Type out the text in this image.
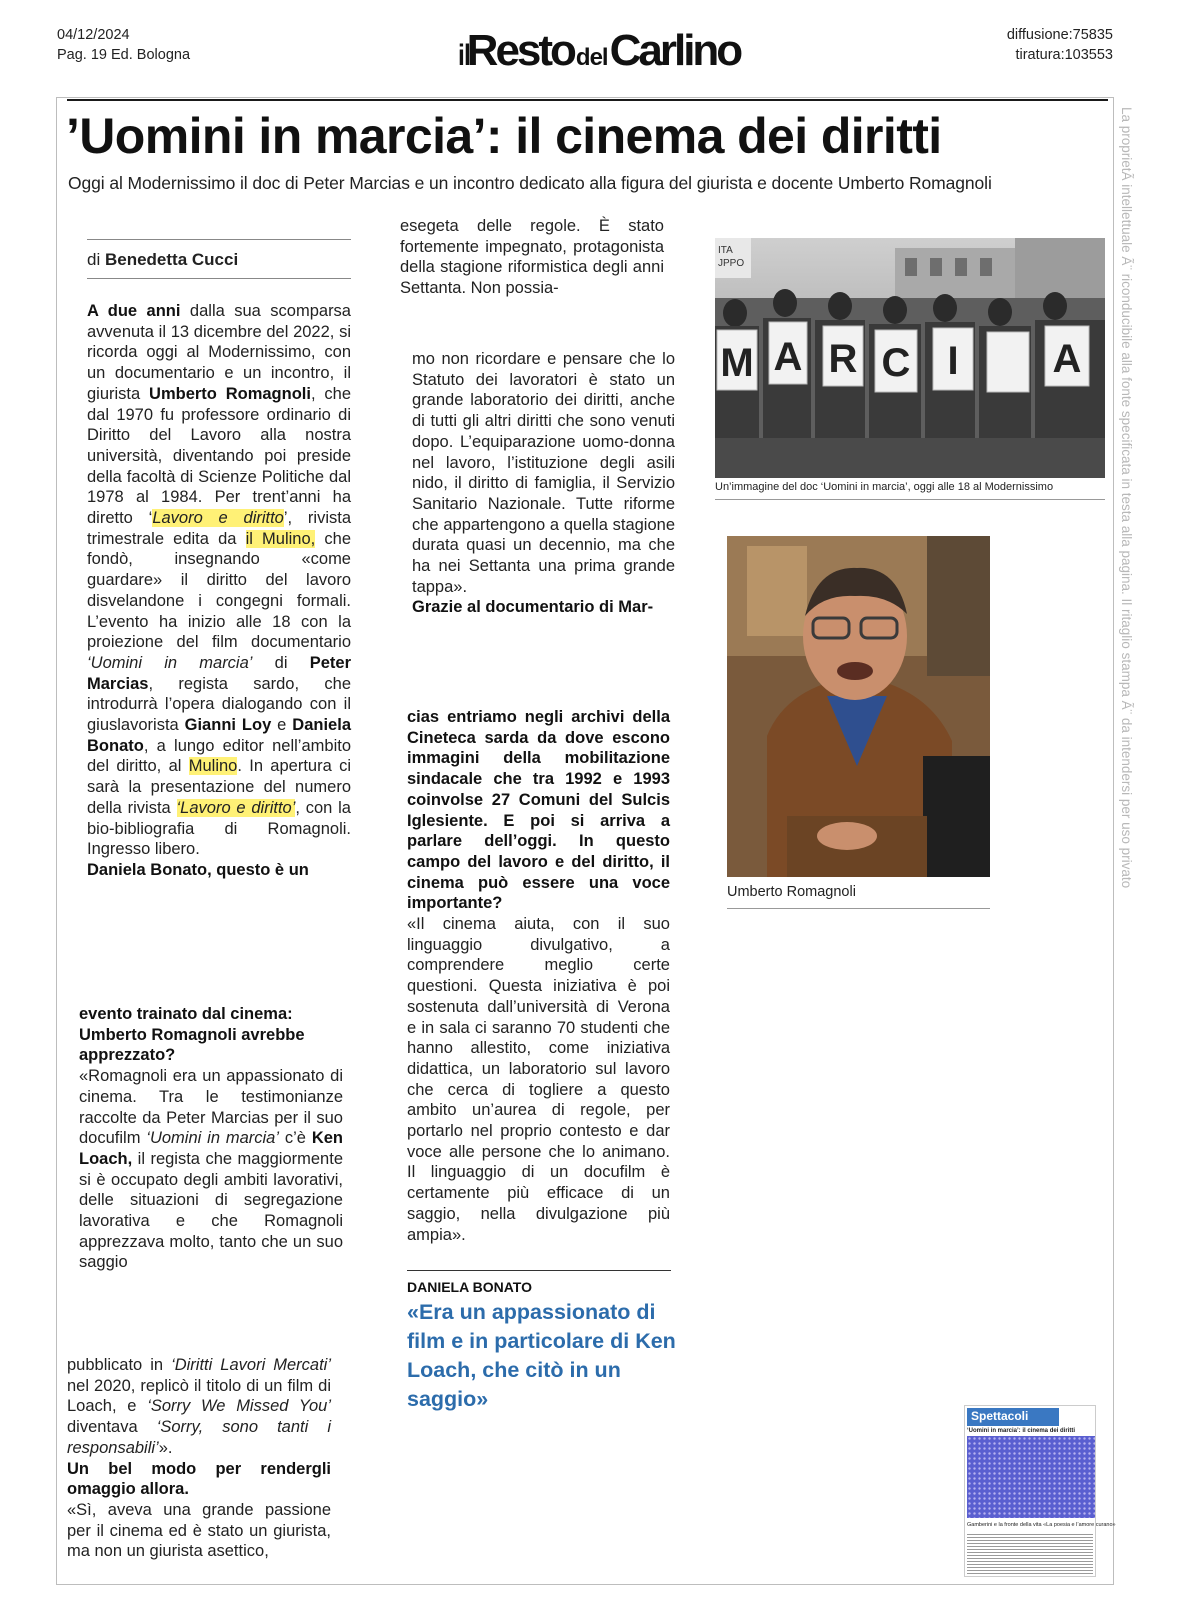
04/12/2024
Pag. 19 Ed. Bologna	ilRestodelCarlino	diffusione:75835
tiratura:103553
’Uomini in marcia’: il cinema dei diritti
Oggi al Modernissimo il doc di Peter Marcias e un incontro dedicato alla figura del giurista e docente Umberto Romagnoli	La proprietÃ intellettuale Ã¨ riconducibile alla fonte specificata in testa alla pagina. Il ritaglio stampa Ã¨ da intendersi per uso privato
di Benedetta Cucci

A due anni dalla sua scomparsa avvenuta il 13 dicembre del 2022, si ricorda oggi al Modernissimo, con un documentario e un incontro, il giurista Umberto Romagnoli, che dal 1970 fu professore ordinario di Diritto del Lavoro alla nostra università, diventando poi preside della facoltà di Scienze Politiche dal 1978 al 1984. Per trent’anni ha diretto ‘Lavoro e diritto’, rivista trimestrale edita da il Mulino, che fondò, insegnando «come guardare» il diritto del lavoro disvelandone i congegni formali. L’evento ha inizio alle 18 con la proiezione del film documentario ‘Uomini in marcia’ di Peter Marcias, regista sardo, che introdurrà l’opera dialogando con il giuslavorista Gianni Loy e Daniela Bonato, a lungo editor nell’ambito del diritto, al Mulino. In apertura ci sarà la presentazione del numero della rivista ‘Lavoro e diritto’, con la bio-bibliografia di Romagnoli. Ingresso libero.

Daniela Bonato, questo è un

evento trainato dal cinema: Umberto Romagnoli avrebbe apprezzato?

«Romagnoli era un appassionato di cinema. Tra le testimonianze raccolte da Peter Marcias per il suo docufilm ‘Uomini in marcia’ c’è Ken Loach, il regista che maggiormente si è occupato degli ambiti lavorativi, delle situazioni di segregazione lavorativa e che Romagnoli apprezzava molto, tanto che un suo saggio

pubblicato in ‘Diritti Lavori Mercati’ nel 2020, replicò il titolo di un film di Loach, e ‘Sorry We Missed You’ diventava ‘Sorry, sono tanti i responsabili’».

Un bel modo per rendergli omaggio allora.

«Sì, aveva una grande passione per il cinema ed è stato un giurista, ma non un giurista asettico,

esegeta delle regole. È stato fortemente impegnato, protagonista della stagione riformistica degli anni Settanta. Non possia-

mo non ricordare e pensare che lo Statuto dei lavoratori è stato un grande laboratorio dei diritti, anche di tutti gli altri diritti che sono venuti dopo. L’equiparazione uomo-donna nel lavoro, l’istituzione degli asili nido, il diritto di famiglia, il Servizio Sanitario Nazionale. Tutte riforme che appartengono a quella stagione durata quasi un decennio, ma che ha nei Settanta una prima grande tappa».

Grazie al documentario di Mar-

cias entriamo negli archivi della Cineteca sarda da dove escono immagini della mobilitazione sindacale che tra 1992 e 1993 coinvolse 27 Comuni del Sulcis Iglesiente. E poi si arriva a parlare dell’oggi. In questo campo del lavoro e del diritto, il cinema può essere una voce importante?

«Il cinema aiuta, con il suo linguaggio divulgativo, a comprendere meglio certe questioni. Questa iniziativa è poi sostenuta dall’università di Verona e in sala ci saranno 70 studenti che hanno allestito, come iniziativa didattica, un laboratorio sul lavoro che cerca di togliere a questo ambito un’aurea di regole, per portarlo nel proprio contesto e dar voce alle persone che lo animano. Il linguaggio di un docufilm è certamente più efficace di un saggio, nella divulgazione più ampia».

DANIELA BONATO
«Era un appassionato di film e in particolare di Ken Loach, che citò in un saggio»
ITA
JPPO
M A R C I A
Un’immagine del doc ‘Uomini in marcia’, oggi alle 18 al Modernissimo
Umberto Romagnoli
Spettacoli
‘Uomini in marcia’: il cinema dei diritti
Gamberini e la fronte della vita «La poesia e l’amore curano»
